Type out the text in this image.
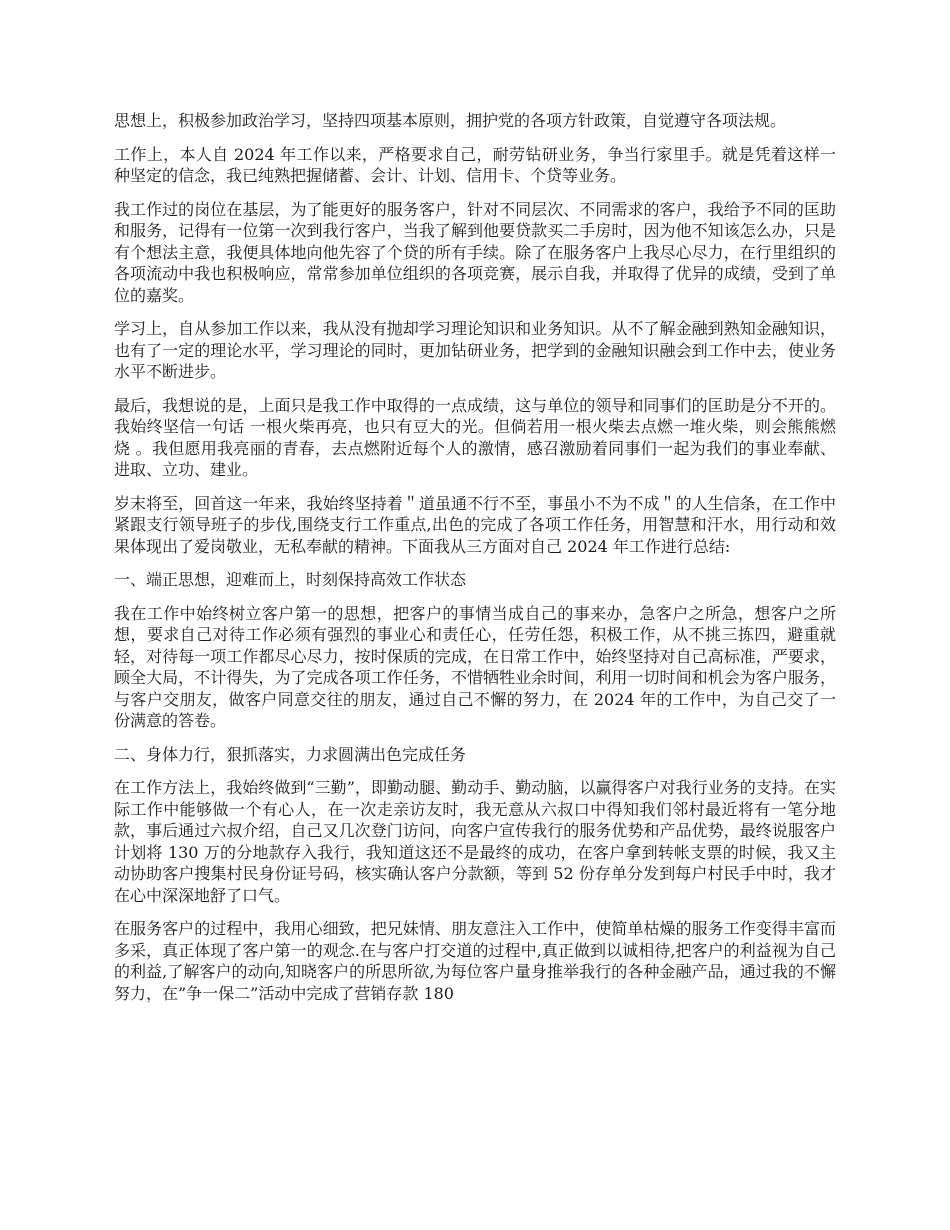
思想上，积极参加政治学习，坚持四项基本原则，拥护党的各项方针政策，自觉遵守各项法规。

工作上，本人自 2024 年工作以来，严格要求自己，耐劳钻研业务，争当行家里手。就是凭着这样一种坚定的信念，我已纯熟把握储蓄、会计、计划、信用卡、个贷等业务。

我工作过的岗位在基层，为了能更好的服务客户，针对不同层次、不同需求的客户，我给予不同的匡助和服务，记得有一位第一次到我行客户，当我了解到他要贷款买二手房时，因为他不知该怎么办，只是有个想法主意，我便具体地向他先容了个贷的所有手续。除了在服务客户上我尽心尽力，在行里组织的各项流动中我也积极响应，常常参加单位组织的各项竞赛，展示自我，并取得了优异的成绩，受到了单位的嘉奖。

学习上，自从参加工作以来，我从没有抛却学习理论知识和业务知识。从不了解金融到熟知金融知识，也有了一定的理论水平，学习理论的同时，更加钻研业务，把学到的金融知识融会到工作中去，使业务水平不断进步。

最后，我想说的是，上面只是我工作中取得的一点成绩，这与单位的领导和同事们的匡助是分不开的。我始终坚信一句话 一根火柴再亮，也只有豆大的光。但倘若用一根火柴去点燃一堆火柴，则会熊熊燃烧 。我但愿用我亮丽的青春，去点燃附近每个人的激情，感召激励着同事们一起为我们的事业奉献、进取、立功、建业。

岁末将至，回首这一年来，我始终坚持着＂道虽通不行不至，事虽小不为不成＂的人生信条，在工作中紧跟支行领导班子的步伐,围绕支行工作重点,出色的完成了各项工作任务，用智慧和汗水，用行动和效果体现出了爱岗敬业，无私奉献的精神。下面我从三方面对自己 2024 年工作进行总结:

一、端正思想，迎难而上，时刻保持高效工作状态

我在工作中始终树立客户第一的思想，把客户的事情当成自己的事来办，急客户之所急，想客户之所想，要求自己对待工作必须有强烈的事业心和责任心，任劳任怨，积极工作，从不挑三拣四，避重就轻，对待每一项工作都尽心尽力，按时保质的完成，在日常工作中，始终坚持对自己高标准，严要求，顾全大局，不计得失，为了完成各项工作任务，不惜牺牲业余时间，利用一切时间和机会为客户服务，与客户交朋友，做客户同意交往的朋友，通过自己不懈的努力，在 2024 年的工作中，为自己交了一份满意的答卷。

二、身体力行，狠抓落实，力求圆满出色完成任务

在工作方法上，我始终做到“三勤”，即勤动腿、勤动手、勤动脑，以赢得客户对我行业务的支持。在实际工作中能够做一个有心人，在一次走亲访友时，我无意从六叔口中得知我们邻村最近将有一笔分地款，事后通过六叔介绍，自己又几次登门访问，向客户宣传我行的服务优势和产品优势，最终说服客户计划将 130 万的分地款存入我行，我知道这还不是最终的成功，在客户拿到转帐支票的时候，我又主动协助客户搜集村民身份证号码，核实确认客户分款额，等到 52 份存单分发到每户村民手中时，我才在心中深深地舒了口气。

在服务客户的过程中，我用心细致，把兄妹情、朋友意注入工作中，使简单枯燥的服务工作变得丰富而多采，真正体现了客户第一的观念.在与客户打交道的过程中,真正做到以诚相待,把客户的利益视为自己的利益,了解客户的动向,知晓客户的所思所欲,为每位客户量身推举我行的各种金融产品，通过我的不懈努力，在”争一保二”活动中完成了营销存款 180
